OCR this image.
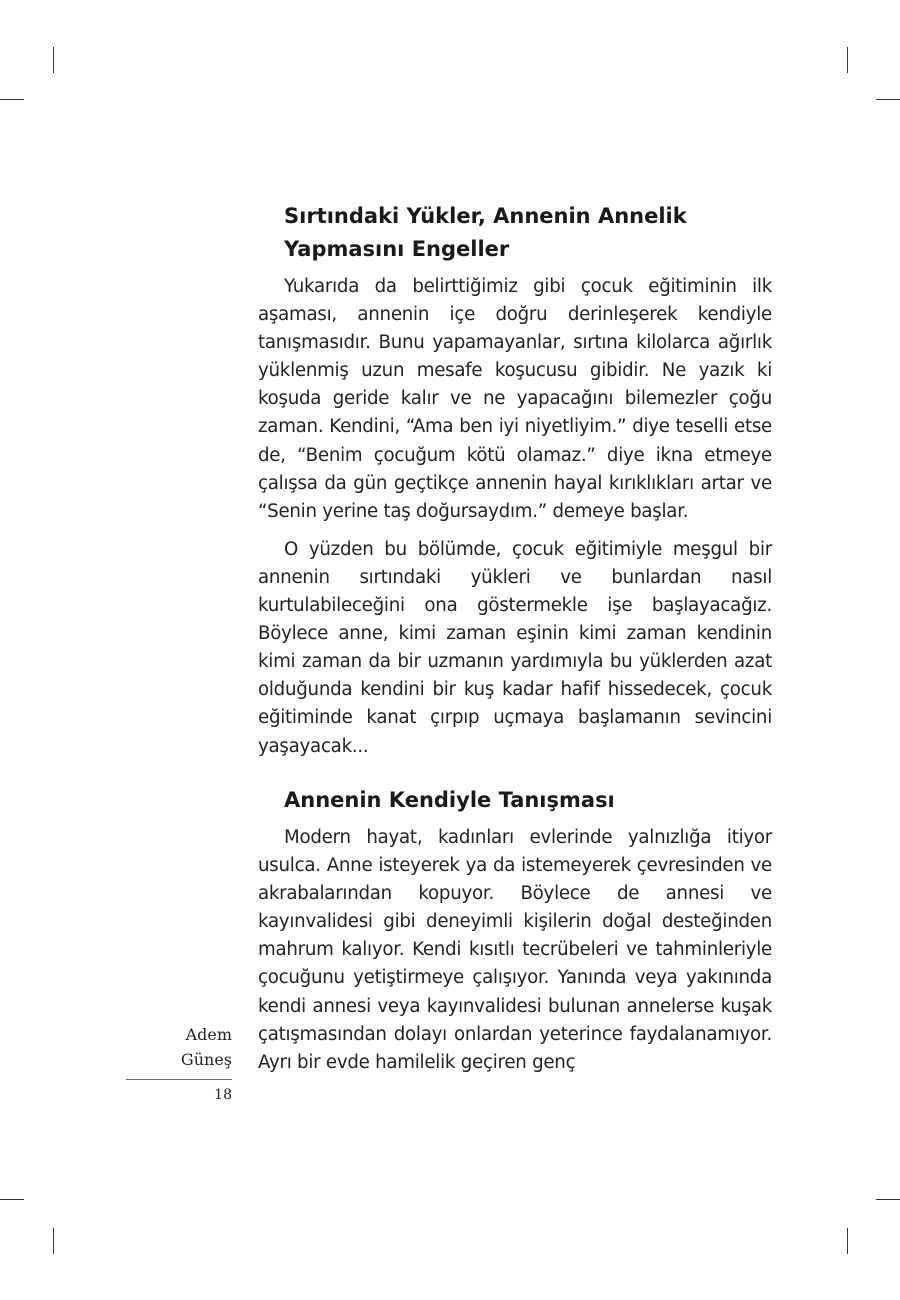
Sırtındaki Yükler, Annenin Annelik Yapmasını Engeller

Yukarıda da belirttiğimiz gibi çocuk eğitiminin ilk aşaması, annenin içe doğru derinleşerek kendiyle tanışmasıdır. Bunu yapamayanlar, sırtına kilolarca ağırlık yüklenmiş uzun mesafe koşucusu gibidir. Ne yazık ki koşuda geride kalır ve ne yapacağını bilemezler çoğu zaman. Kendini, “Ama ben iyi niyetliyim.” diye teselli etse de, “Benim çocuğum kötü olamaz.” diye ikna etmeye çalışsa da gün geçtikçe annenin hayal kırıklıkları artar ve “Senin yerine taş doğursaydım.” demeye başlar.

O yüzden bu bölümde, çocuk eğitimiyle meşgul bir annenin sırtındaki yükleri ve bunlardan nasıl kurtulabileceğini ona göstermekle işe başlayacağız. Böylece anne, kimi zaman eşinin kimi zaman kendinin kimi zaman da bir uzmanın yardımıyla bu yüklerden azat olduğunda kendini bir kuş kadar hafif hissedecek, çocuk eğitiminde kanat çırpıp uçmaya başlamanın sevincini yaşayacak...

Annenin Kendiyle Tanışması

Modern hayat, kadınları evlerinde yalnızlığa itiyor usulca. Anne isteyerek ya da istemeyerek çevresinden ve akrabalarından kopuyor. Böylece de annesi ve kayınvalidesi gibi deneyimli kişilerin doğal desteğinden mahrum kalıyor. Kendi kısıtlı tecrübeleri ve tahminleriyle çocuğunu yetiştirmeye çalışıyor. Yanında veya yakınında kendi annesi veya kayınvalidesi bulunan annelerse kuşak çatışmasından dolayı onlardan yeterince faydalanamıyor. Ayrı bir evde hamilelik geçiren genç

Adem
Güneş
18
